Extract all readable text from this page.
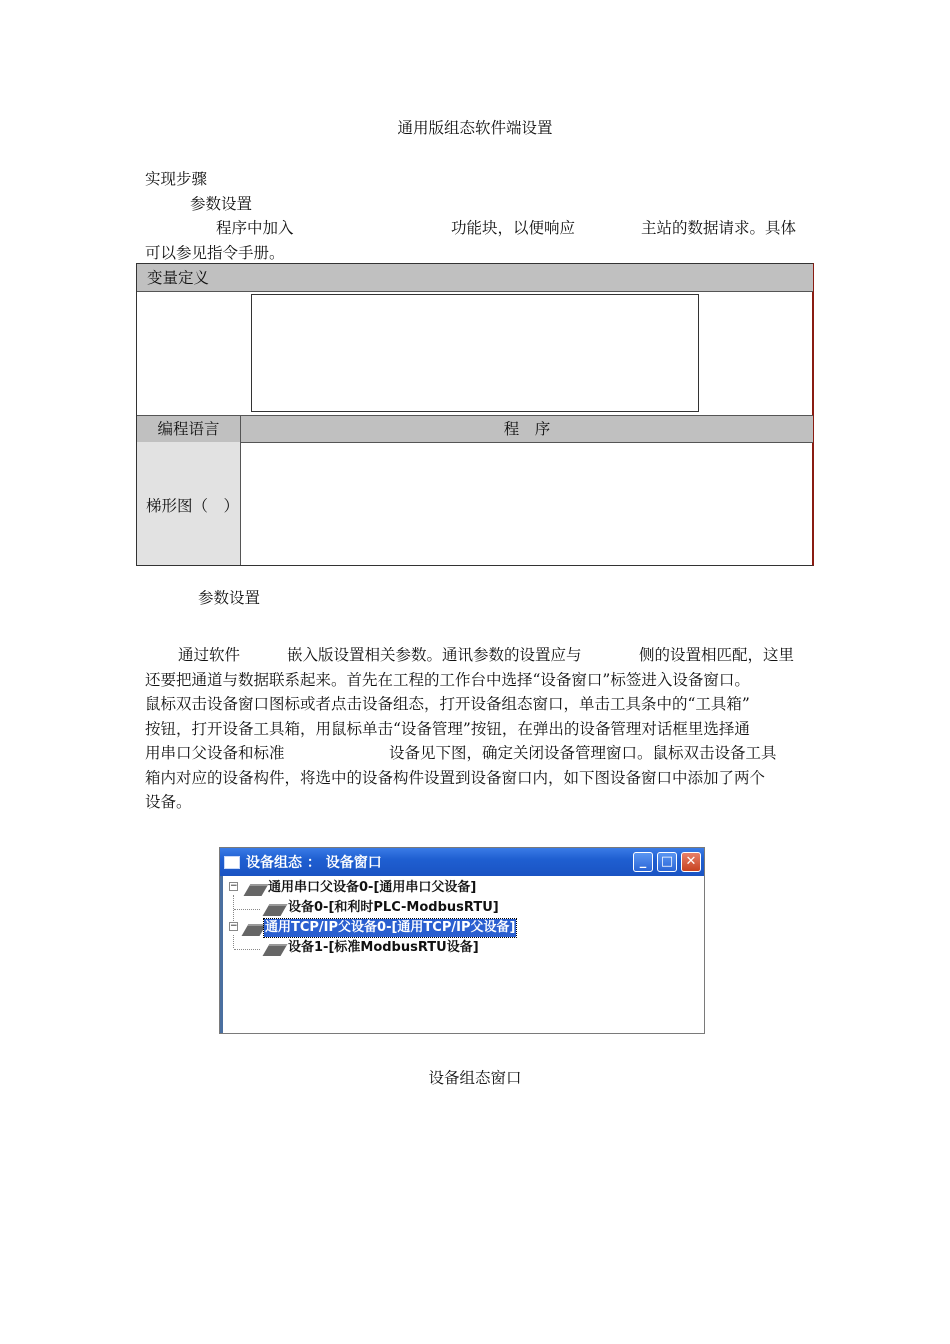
通用版组态软件端设置
实现步骤
参数设置
程序中加入	功能块，以便响应	主站的数据请求。具体
可以参见指令手册。
变量定义
编程语言	程　序
梯形图（　）
参数设置
通过软件	嵌入版设置相关参数。通讯参数的设置应与	侧的设置相匹配，这里
还要把通道与数据联系起来。首先在工程的工作台中选择“设备窗口”标签进入设备窗口。
鼠标双击设备窗口图标或者点击设备组态，打开设备组态窗口，单击工具条中的“工具箱”
按钮，打开设备工具箱，用鼠标单击“设备管理”按钮，在弹出的设备管理对话框里选择通
用串口父设备和标准	设备见下图，确定关闭设备管理窗口。鼠标双击设备工具
箱内对应的设备构件，将选中的设备构件设置到设备窗口内，如下图设备窗口中添加了两个
设备。
设备组态 ： 设备窗口	_	□ ✕
− 通用串口父设备0-[通用串口父设备]
设备0-[和利时PLC-ModbusRTU]
− 通用TCP/IP父设备0-[通用TCP/IP父设备]
设备1-[标准ModbusRTU设备]
设备组态窗口
